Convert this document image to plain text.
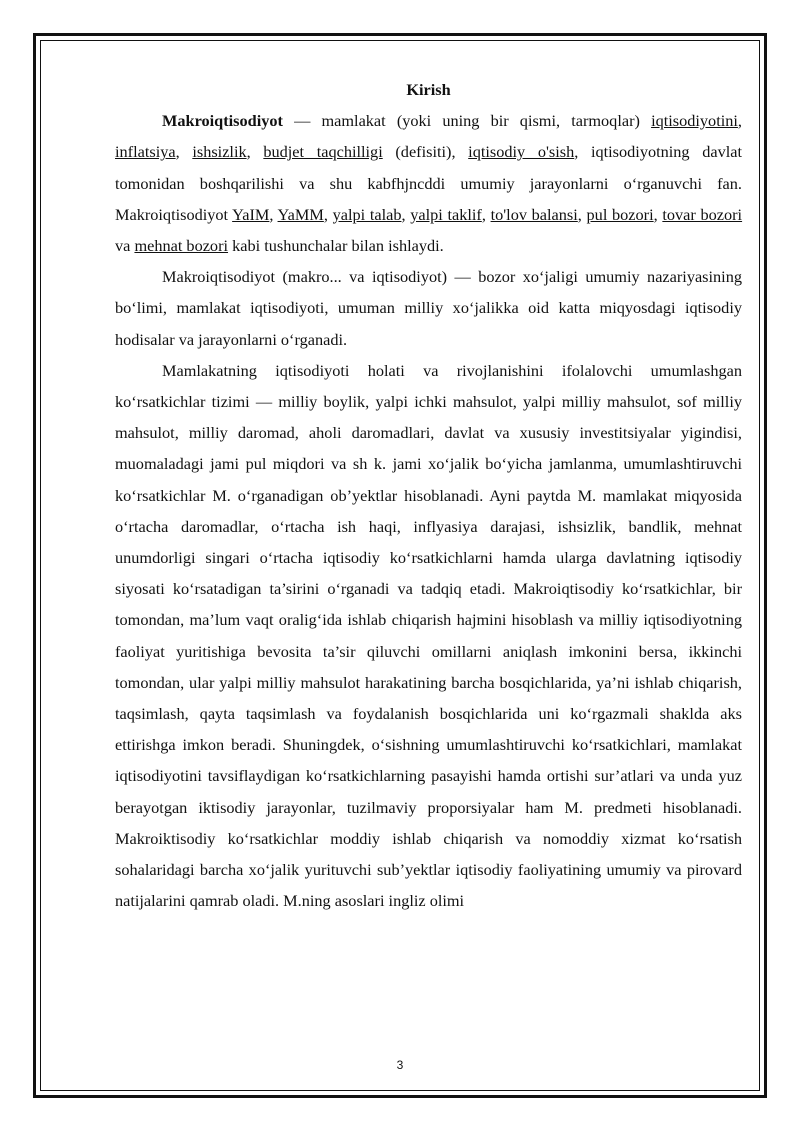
Kirish

Makroiqtisodiyot — mamlakat (yoki uning bir qismi, tarmoqlar) iqtisodiyotini, inflatsiya, ishsizlik, budjet taqchilligi (defisiti), iqtisodiy o'sish, iqtisodiyotning davlat tomonidan boshqarilishi va shu kabfhjncddi umumiy jarayonlarni o‘rganuvchi fan. Makroiqtisodiyot YaIM, YaMM, yalpi talab, yalpi taklif, to'lov balansi, pul bozori, tovar bozori va mehnat bozori kabi tushunchalar bilan ishlaydi.

Makroiqtisodiyot (makro... va iqtisodiyot) — bozor xo‘jaligi umumiy nazariyasining bo‘limi, mamlakat iqtisodiyoti, umuman milliy xo‘jalikka oid katta miqyosdagi iqtisodiy hodisalar va jarayonlarni o‘rganadi.

Mamlakatning iqtisodiyoti holati va rivojlanishini ifolalovchi umumlashgan ko‘rsatkichlar tizimi — milliy boylik, yalpi ichki mahsulot, yalpi milliy mahsulot, sof milliy mahsulot, milliy daromad, aholi daromadlari, davlat va xususiy investitsiyalar yigindisi, muomaladagi jami pul miqdori va sh k. jami xo‘jalik bo‘yicha jamlanma, umumlashtiruvchi ko‘rsatkichlar M. o‘rganadigan ob’yektlar hisoblanadi. Ayni paytda M. mamlakat miqyosida o‘rtacha daromadlar, o‘rtacha ish haqi, inflyasiya darajasi, ishsizlik, bandlik, mehnat unumdorligi singari o‘rtacha iqtisodiy ko‘rsatkichlarni hamda ularga davlatning iqtisodiy siyosati ko‘rsatadigan ta’sirini o‘rganadi va tadqiq etadi. Makroiqtisodiy ko‘rsatkichlar, bir tomondan, ma’lum vaqt oralig‘ida ishlab chiqarish hajmini hisoblash va milliy iqtisodiyotning faoliyat yuritishiga bevosita ta’sir qiluvchi omillarni aniqlash imkonini bersa, ikkinchi tomondan, ular yalpi milliy mahsulot harakatining barcha bosqichlarida, ya’ni ishlab chiqarish, taqsimlash, qayta taqsimlash va foydalanish bosqichlarida uni ko‘rgazmali shaklda aks ettirishga imkon beradi. Shuningdek, o‘sishning umumlashtiruvchi ko‘rsatkichlari, mamlakat iqtisodiyotini tavsiflaydigan ko‘rsatkichlarning pasayishi hamda ortishi sur’atlari va unda yuz berayotgan iktisodiy jarayonlar, tuzilmaviy proporsiyalar ham M. predmeti hisoblanadi. Makroiktisodiy ko‘rsatkichlar moddiy ishlab chiqarish va nomoddiy xizmat ko‘rsatish sohalaridagi barcha xo‘jalik yurituvchi sub’yektlar iqtisodiy faoliyatining umumiy va pirovard natijalarini qamrab oladi. M.ning asoslari ingliz olimi

3
